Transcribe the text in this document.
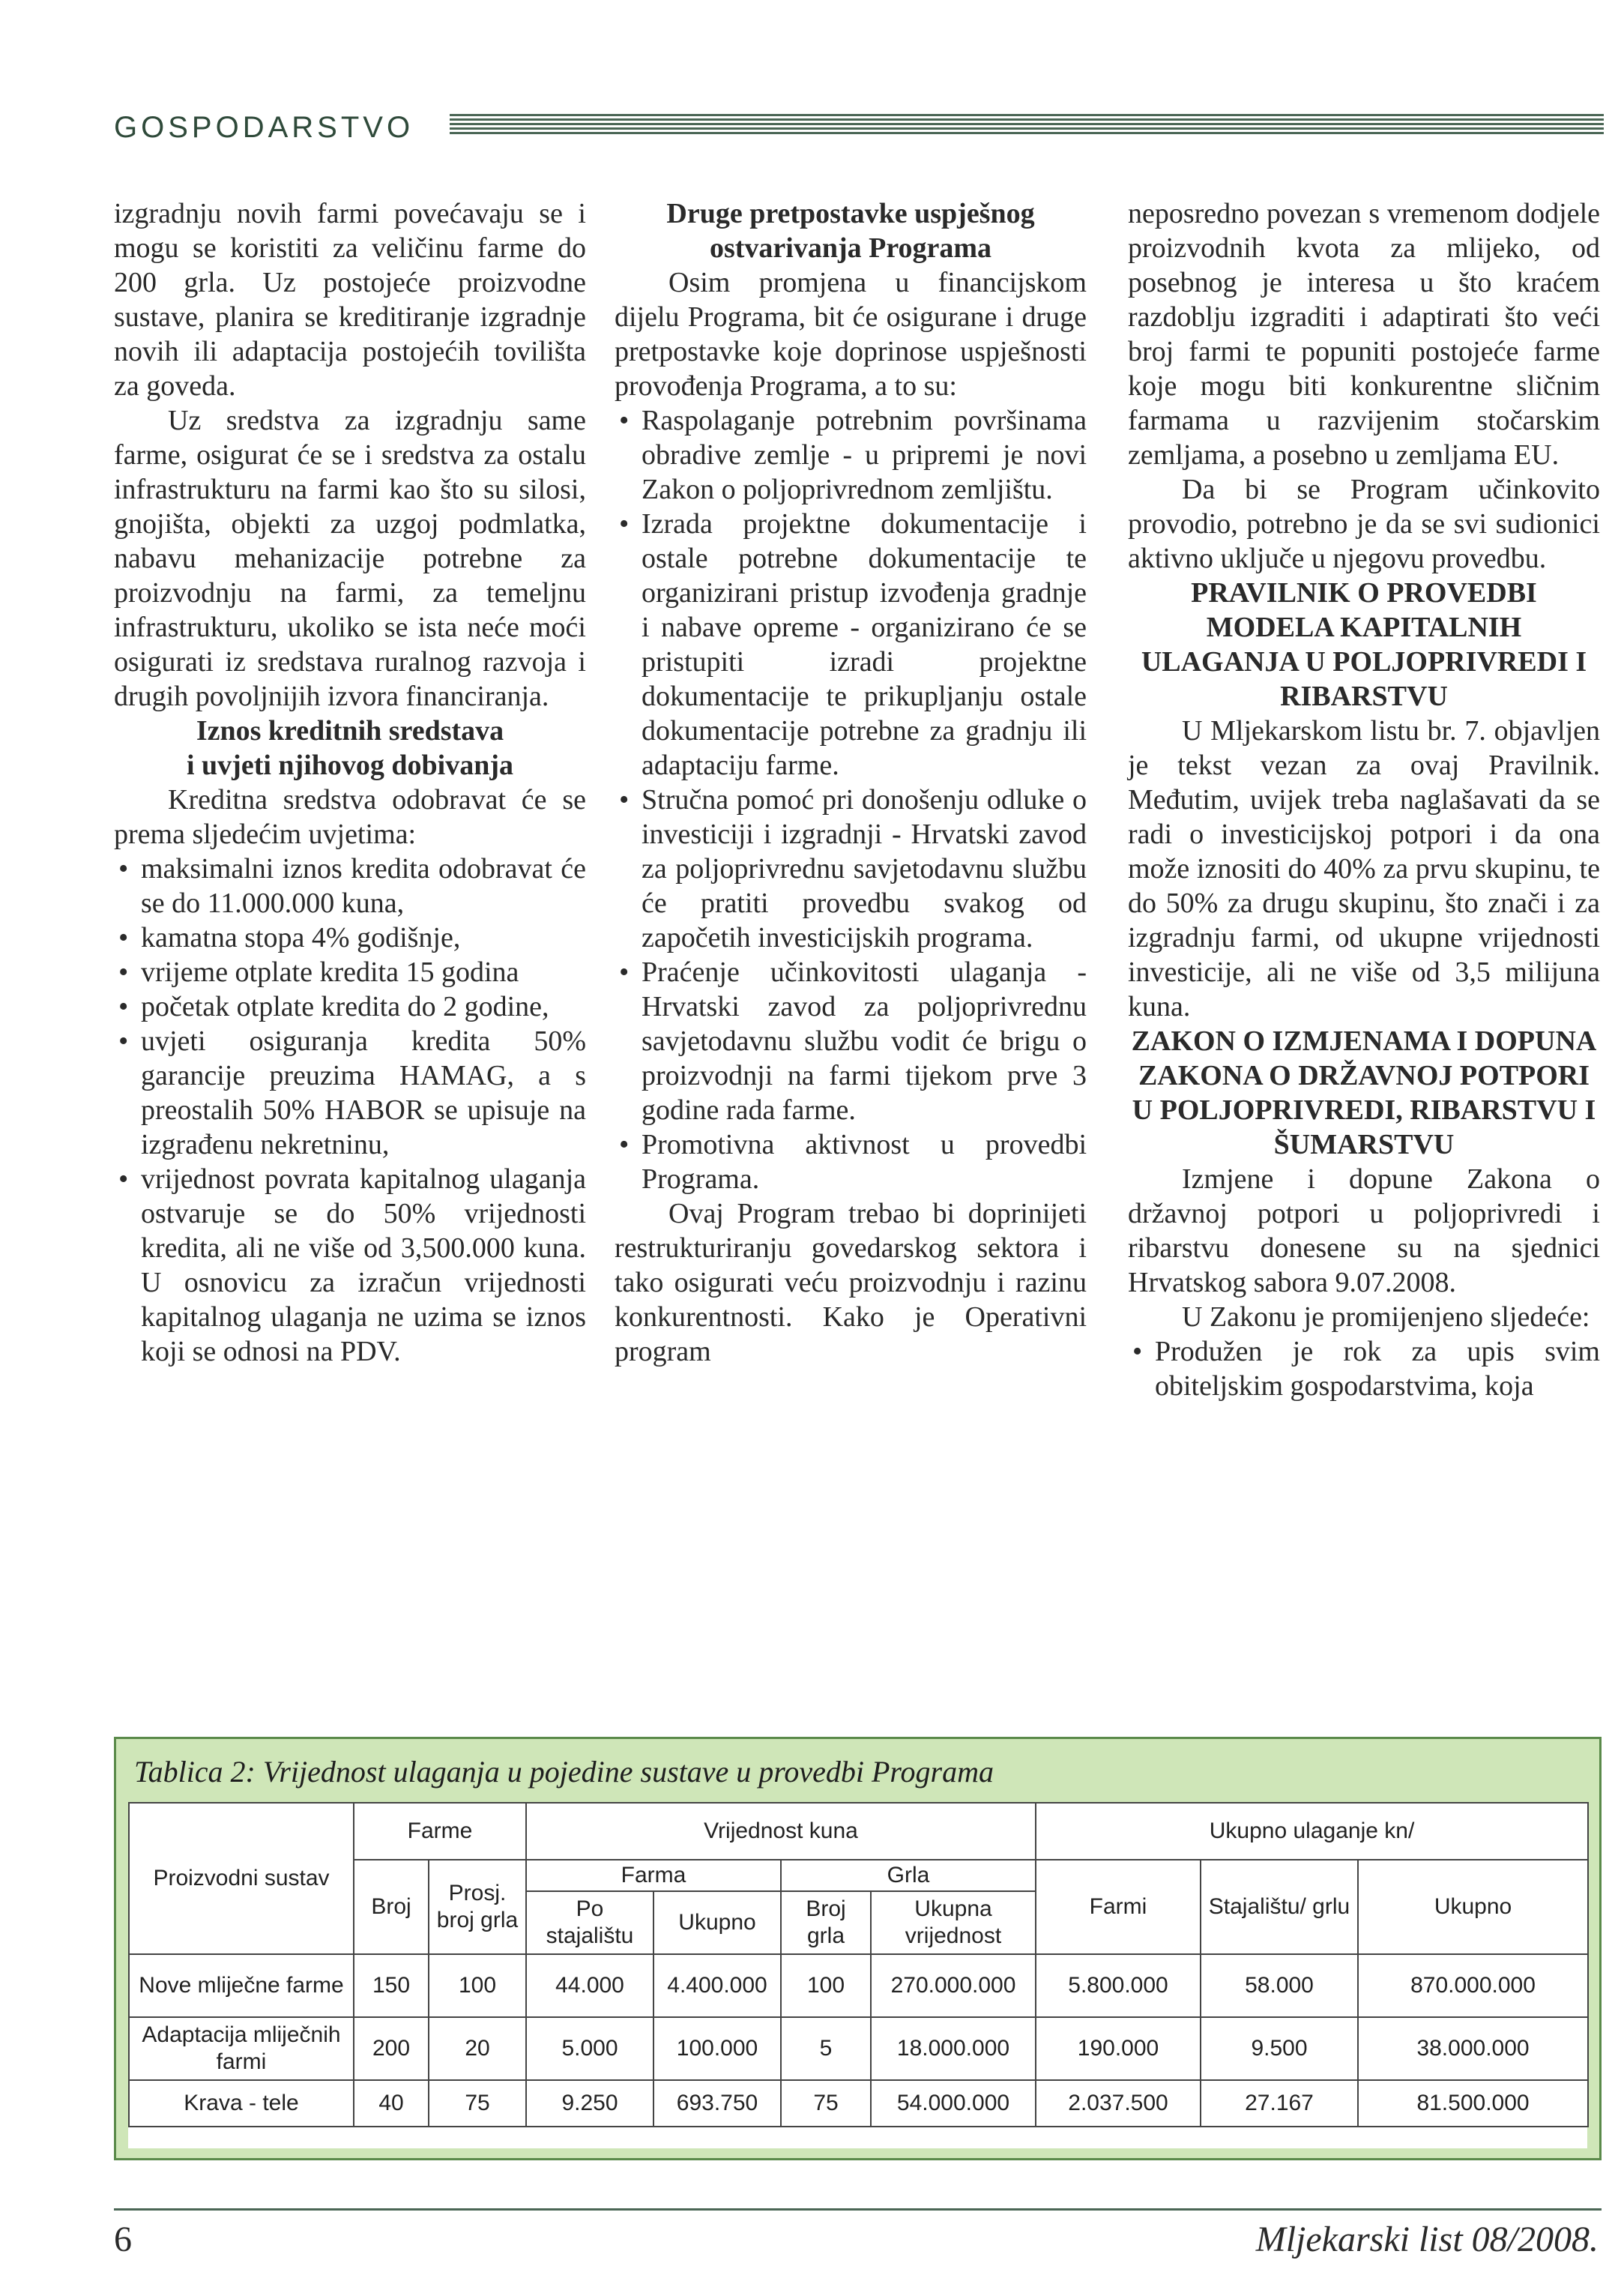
GOSPODARSTVO

izgradnju novih farmi povećavaju se i mogu se koristiti za veličinu farme do 200 grla. Uz postojeće proizvodne sustave, planira se kreditiranje izgradnje novih ili adaptacija postojećih tovilišta za goveda.

Uz sredstva za izgradnju same farme, osigurat će se i sredstva za ostalu infrastrukturu na farmi kao što su silosi, gnojišta, objekti za uzgoj podmlatka, nabavu mehanizacije potrebne za proizvodnju na farmi, za temeljnu infrastrukturu, ukoliko se ista neće moći osigurati iz sredstava ruralnog razvoja i drugih povoljnijih izvora financiranja.

Iznos kreditnih sredstava

i uvjeti njihovog dobivanja

Kreditna sredstva odobravat će se prema sljedećim uvjetima:

• maksimalni iznos kredita odobravat će se do 11.000.000 kuna,
• kamatna stopa 4% godišnje,
• vrijeme otplate kredita 15 godina
• početak otplate kredita do 2 godine,
• uvjeti osiguranja kredita 50% garancije preuzima HAMAG, a s preostalih 50% HABOR se upisuje na izgrađenu nekretninu,
• vrijednost povrata kapitalnog ulaganja ostvaruje se do 50% vrijednosti kredita, ali ne više od 3,500.000 kuna. U osnovicu za izračun vrijednosti kapitalnog ulaganja ne uzima se iznos koji se odnosi na PDV.

Druge pretpostavke uspješnog

ostvarivanja Programa

Osim promjena u financijskom dijelu Programa, bit će osigurane i druge pretpostavke koje doprinose uspješnosti provođenja Programa, a to su:

• Raspolaganje potrebnim površinama obradive zemlje - u pripremi je novi Zakon o poljoprivrednom zemljištu.
• Izrada projektne dokumentacije i ostale potrebne dokumentacije te organizirani pristup izvođenja gradnje i nabave opreme - organizirano će se pristupiti izradi projektne dokumentacije te prikupljanju ostale dokumentacije potrebne za gradnju ili adaptaciju farme.
• Stručna pomoć pri donošenju odluke o investiciji i izgradnji - Hrvatski zavod za poljoprivrednu savjetodavnu službu će pratiti provedbu svakog od započetih investicijskih programa.
• Praćenje učinkovitosti ulaganja - Hrvatski zavod za poljoprivrednu savjetodavnu službu vodit će brigu o proizvodnji na farmi tijekom prve 3 godine rada farme.
• Promotivna aktivnost u provedbi Programa.

Ovaj Program trebao bi doprinijeti restrukturiranju govedarskog sektora i tako osigurati veću proizvodnju i razinu konkurentnosti. Kako je Operativni program

neposredno povezan s vremenom dodjele proizvodnih kvota za mlijeko, od posebnog je interesa u što kraćem razdoblju izgraditi i adaptirati što veći broj farmi te popuniti postojeće farme koje mogu biti konkurentne sličnim farmama u razvijenim stočarskim zemljama, a posebno u zemljama EU.

Da bi se Program učinkovito provodio, potrebno je da se svi sudionici aktivno uključe u njegovu provedbu.

PRAVILNIK O PROVEDBI MODELA KAPITALNIH ULAGANJA U POLJOPRIVREDI I RIBARSTVU

U Mljekarskom listu br. 7. objavljen je tekst vezan za ovaj Pravilnik. Međutim, uvijek treba naglašavati da se radi o investicijskoj potpori i da ona može iznositi do 40% za prvu skupinu, te do 50% za drugu skupinu, što znači i za izgradnju farmi, od ukupne vrijednosti investicije, ali ne više od 3,5 milijuna kuna.

ZAKON O IZMJENAMA I DOPUNA ZAKONA O DRŽAVNOJ POTPORI U POLJOPRIVREDI, RIBARSTVU I ŠUMARSTVU

Izmjene i dopune Zakona o državnoj potpori u poljoprivredi i ribarstvu donesene su na sjednici Hrvatskog sabora 9.07.2008.

U Zakonu je promijenjeno sljedeće:

• Produžen je rok za upis svim obiteljskim gospodarstvima, koja
Tablica 2: Vrijednost ulaganja u pojedine sustave u provedbi Programa
Proizvodni sustav	Farme		Vrijednost kuna				Ukupno ulaganje kn/		
	Broj	Prosj. broj grla	Farma		Grla		Farmi	Stajalištu/ grlu	Ukupno
			Po stajalištu	Ukupno	Broj grla	Ukupna vrijednost			
Nove mliječne farme	150	100	44.000	4.400.000	100	270.000.000	5.800.000	58.000	870.000.000
Adaptacija mliječnih farmi	200	20	5.000	100.000	5	18.000.000	190.000	9.500	38.000.000
Krava - tele	40	75	9.250	693.750	75	54.000.000	2.037.500	27.167	81.500.000
6	Mljekarski list 08/2008.
